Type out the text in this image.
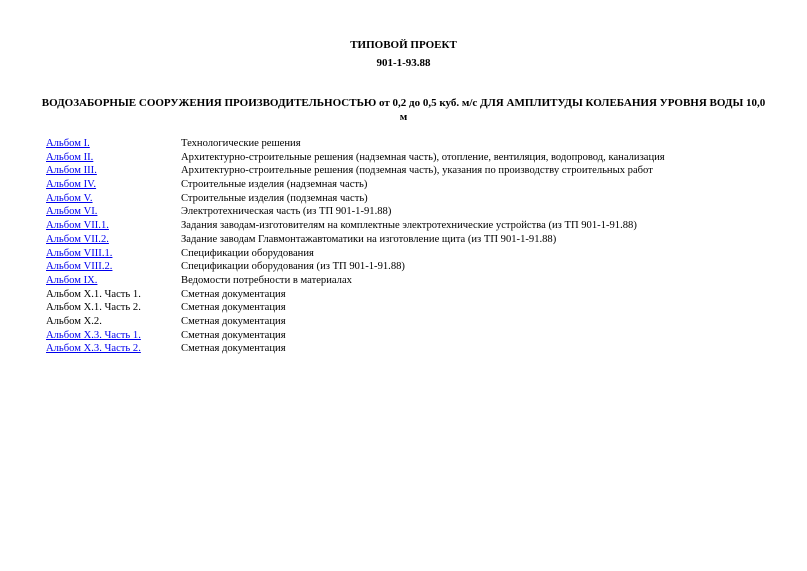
ТИПОВОЙ ПРОЕКТ
901-1-93.88
ВОДОЗАБОРНЫЕ СООРУЖЕНИЯ ПРОИЗВОДИТЕЛЬНОСТЬЮ от 0,2 до 0,5 куб. м/с ДЛЯ АМПЛИТУДЫ КОЛЕБАНИЯ УРОВНЯ ВОДЫ 10,0 м
Альбом I.	Технологические решения
Альбом II.	Архитектурно-строительные решения (надземная часть), отопление, вентиляция, водопровод, канализация
Альбом III.	Архитектурно-строительные решения (подземная часть), указания по производству строительных работ
Альбом IV.	Строительные изделия (надземная часть)
Альбом V.	Строительные изделия (подземная часть)
Альбом VI.	Электротехническая часть (из ТП 901-1-91.88)
Альбом VII.1.	Задания заводам-изготовителям на комплектные электротехнические устройства (из ТП 901-1-91.88)
Альбом VII.2.	Задание заводам Главмонтажавтоматики на изготовление щита (из ТП 901-1-91.88)
Альбом VIII.1.	Спецификации оборудования
Альбом VIII.2.	Спецификации оборудования (из ТП 901-1-91.88)
Альбом IX.	Ведомости потребности в материалах
Альбом X.1. Часть 1.	Сметная документация
Альбом X.1. Часть 2.	Сметная документация
Альбом X.2.	Сметная документация
Альбом X.3. Часть 1.	Сметная документация
Альбом X.3. Часть 2.	Сметная документация
